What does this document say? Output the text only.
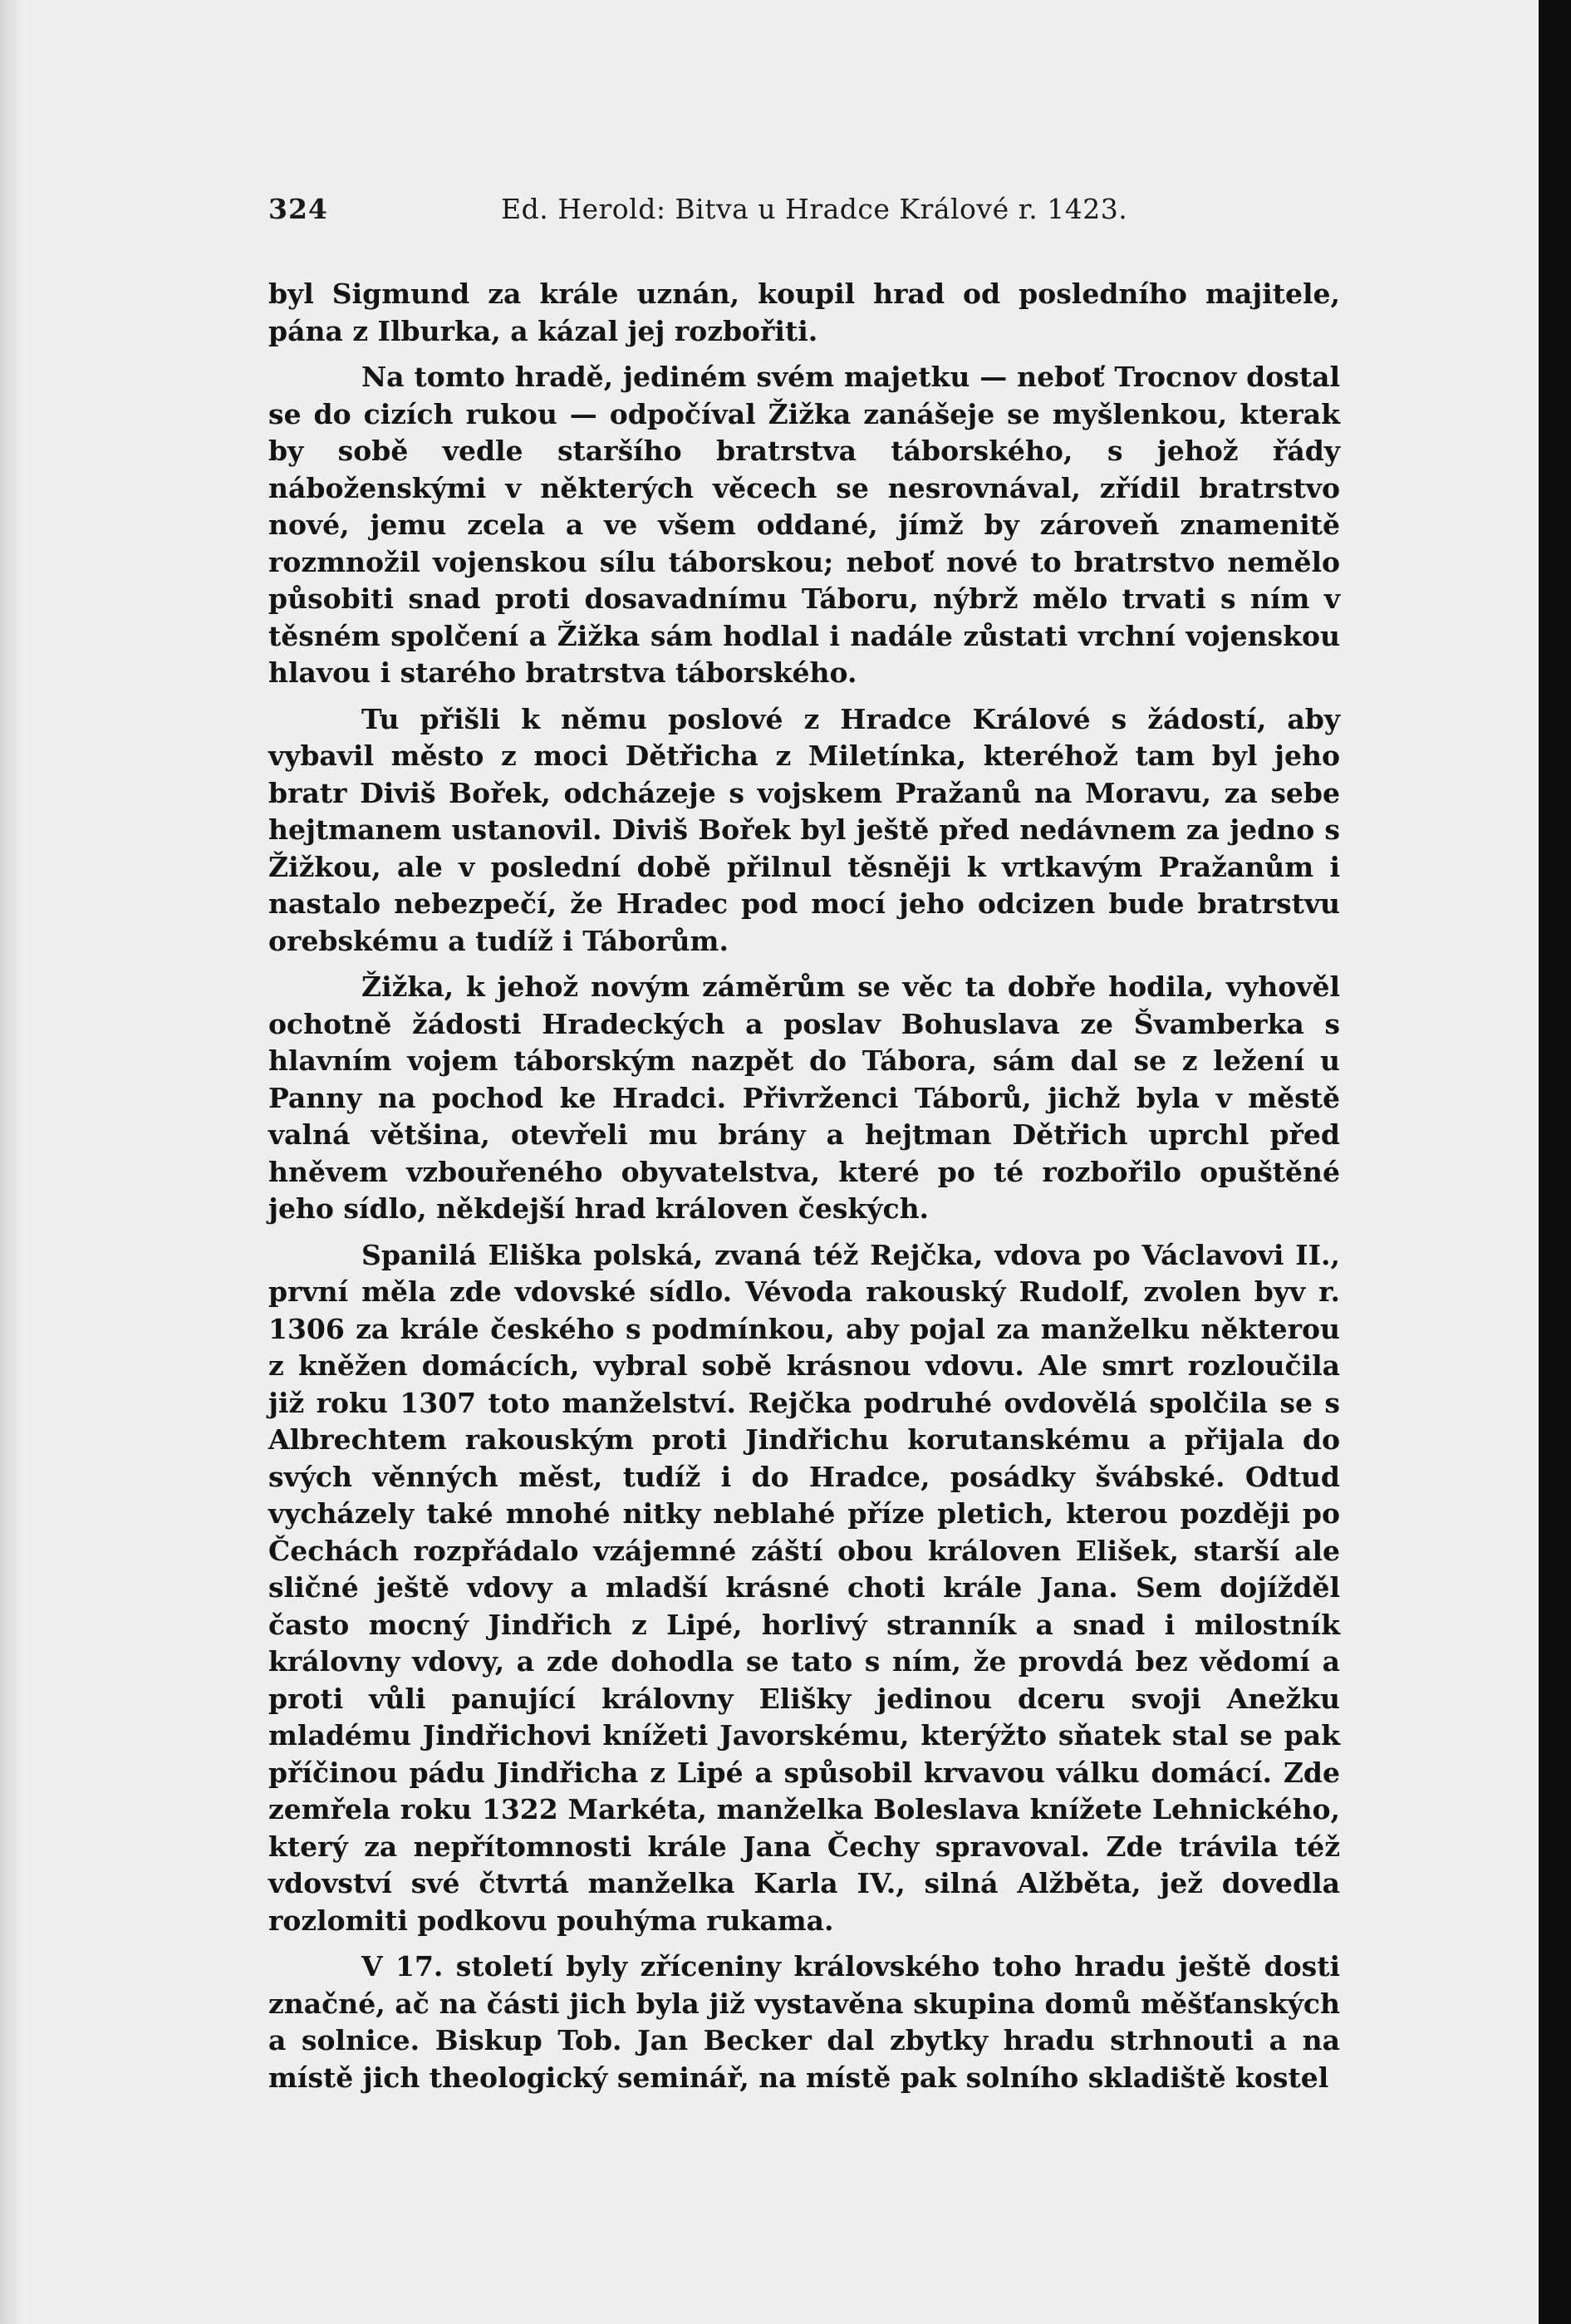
324	Ed. Herold: Bitva u Hradce Králové r. 1423.

byl Sigmund za krále uznán, koupil hrad od posledního majitele, pána z Ilburka, a kázal jej rozbořiti.

Na tomto hradě, jediném svém majetku — neboť Trocnov dostal se do cizích rukou — odpočíval Žižka zanášeje se myšlenkou, kterak by sobě vedle staršího bratrstva táborského, s jehož řády náboženskými v některých věcech se nesrovnával, zřídil bratrstvo nové, jemu zcela a ve všem oddané, jímž by zároveň znamenitě rozmnožil vojenskou sílu táborskou; neboť nové to bratrstvo nemělo působiti snad proti dosavadnímu Táboru, nýbrž mělo trvati s ním v těsném spolčení a Žižka sám hodlal i nadále zůstati vrchní vojenskou hlavou i starého bratrstva táborského.

Tu přišli k němu poslové z Hradce Králové s žádostí, aby vybavil město z moci Dětřicha z Miletínka, kteréhož tam byl jeho bratr Diviš Bořek, odcházeje s vojskem Pražanů na Moravu, za sebe hejtmanem ustanovil. Diviš Bořek byl ještě před nedávnem za jedno s Žižkou, ale v poslední době přilnul těsněji k vrtkavým Pražanům i nastalo nebezpečí, že Hradec pod mocí jeho odcizen bude bratrstvu orebskému a tudíž i Táborům.

Žižka, k jehož novým záměrům se věc ta dobře hodila, vyhověl ochotně žádosti Hradeckých a poslav Bohuslava ze Švamberka s hlavním vojem táborským nazpět do Tábora, sám dal se z ležení u Panny na pochod ke Hradci. Přivrženci Táborů, jichž byla v městě valná většina, otevřeli mu brány a hejtman Dětřich uprchl před hněvem vzbouřeného obyvatelstva, které po té rozbořilo opuštěné jeho sídlo, někdejší hrad královen českých.

Spanilá Eliška polská, zvaná též Rejčka, vdova po Václavovi II., první měla zde vdovské sídlo. Vévoda rakouský Rudolf, zvolen byv r. 1306 za krále českého s podmínkou, aby pojal za manželku některou z kněžen domácích, vybral sobě krásnou vdovu. Ale smrt rozloučila již roku 1307 toto manželství. Rejčka podruhé ovdovělá spolčila se s Albrechtem rakouským proti Jindřichu korutanskému a přijala do svých věnných měst, tudíž i do Hradce, posádky švábské. Odtud vycházely také mnohé nitky neblahé příze pletich, kterou později po Čechách rozpřádalo vzájemné záští obou královen Elišek, starší ale sličné ještě vdovy a mladší krásné choti krále Jana. Sem dojížděl často mocný Jindřich z Lipé, horlivý stranník a snad i milostník královny vdovy, a zde dohodla se tato s ním, že provdá bez vědomí a proti vůli panující královny Elišky jedinou dceru svoji Anežku mladému Jindřichovi knížeti Javorskému, kterýžto sňatek stal se pak příčinou pádu Jindřicha z Lipé a spůsobil krvavou válku domácí. Zde zemřela roku 1322 Markéta, manželka Boleslava knížete Lehnického, který za nepřítomnosti krále Jana Čechy spravoval. Zde trávila též vdovství své čtvrtá manželka Karla IV., silná Alžběta, jež dovedla rozlomiti podkovu pouhýma rukama.

V 17. století byly zříceniny královského toho hradu ještě dosti značné, ač na části jich byla již vystavěna skupina domů měšťanských a solnice. Biskup Tob. Jan Becker dal zbytky hradu strhnouti a na místě jich theologický seminář, na místě pak solního skladiště kostel
